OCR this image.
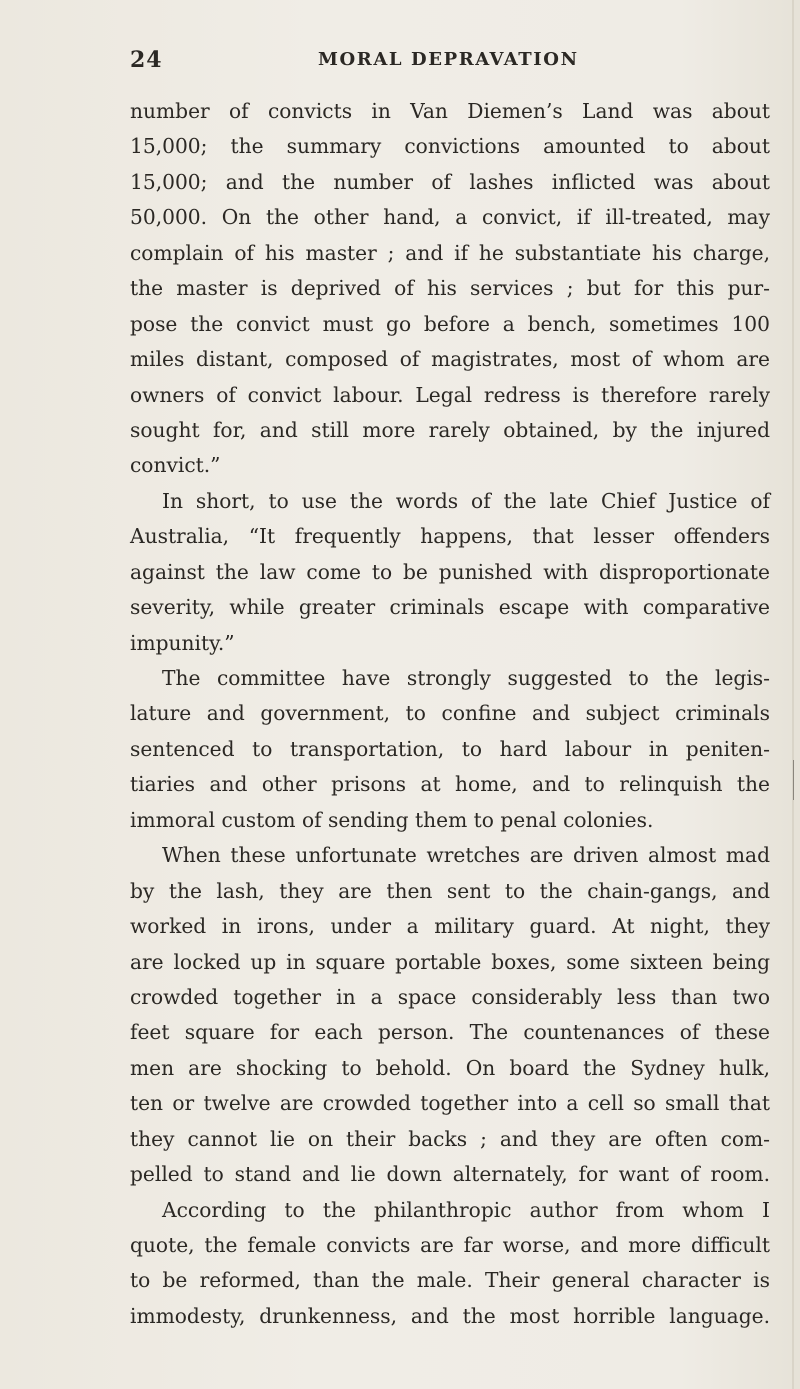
24	MORAL DEPRAVATION
number of convicts in Van Diemen’s Land was about
15,000; the summary convictions amounted to about
15,000; and the number of lashes inflicted was about
50,000. On the other hand, a convict, if ill-treated, may
complain of his master ; and if he substantiate his charge,
the master is deprived of his services ; but for this pur-
pose the convict must go before a bench, sometimes 100
miles distant, composed of magistrates, most of whom are
owners of convict labour. Legal redress is therefore rarely
sought for, and still more rarely obtained, by the injured
convict.”
In short, to use the words of the late Chief Justice of
Australia, “It frequently happens, that lesser offenders
against the law come to be punished with disproportionate
severity, while greater criminals escape with comparative
impunity.”
The committee have strongly suggested to the legis-
lature and government, to confine and subject criminals
sentenced to transportation, to hard labour in peniten-
tiaries and other prisons at home, and to relinquish the
immoral custom of sending them to penal colonies.
When these unfortunate wretches are driven almost mad
by the lash, they are then sent to the chain-gangs, and
worked in irons, under a military guard. At night, they
are locked up in square portable boxes, some sixteen being
crowded together in a space considerably less than two
feet square for each person. The countenances of these
men are shocking to behold. On board the Sydney hulk,
ten or twelve are crowded together into a cell so small that
they cannot lie on their backs ; and they are often com-
pelled to stand and lie down alternately, for want of room.
According to the philanthropic author from whom I
quote, the female convicts are far worse, and more difficult
to be reformed, than the male. Their general character is
immodesty, drunkenness, and the most horrible language.
